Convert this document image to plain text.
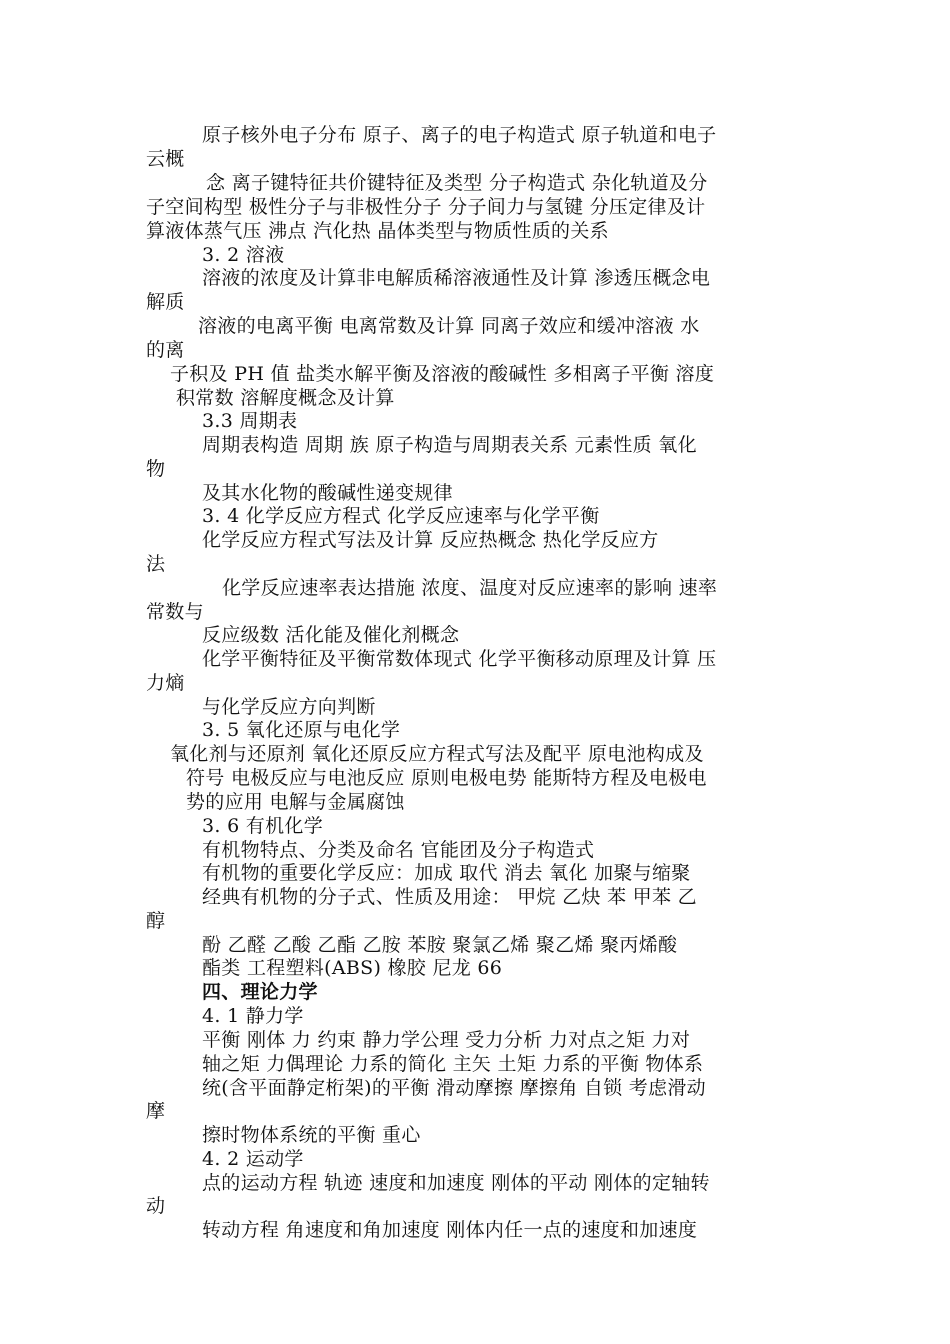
原子核外电子分布 原子、离子的电子构造式 原子轨道和电子
云概
念 离子键特征共价键特征及类型 分子构造式 杂化轨道及分
子空间构型 极性分子与非极性分子 分子间力与氢键 分压定律及计
算液体蒸气压 沸点 汽化热 晶体类型与物质性质的关系
3. 2 溶液
溶液的浓度及计算非电解质稀溶液通性及计算 渗透压概念电
解质
溶液的电离平衡 电离常数及计算 同离子效应和缓冲溶液 水
的离
子积及 PH 值 盐类水解平衡及溶液的酸碱性 多相离子平衡 溶度
积常数 溶解度概念及计算
3.3 周期表
周期表构造 周期 族 原子构造与周期表关系 元素性质 氧化
物
及其水化物的酸碱性递变规律
3. 4 化学反应方程式 化学反应速率与化学平衡
化学反应方程式写法及计算 反应热概念 热化学反应方
法
化学反应速率表达措施 浓度、温度对反应速率的影响 速率
常数与
反应级数 活化能及催化剂概念
化学平衡特征及平衡常数体现式 化学平衡移动原理及计算 压
力熵
与化学反应方向判断
3. 5 氧化还原与电化学
氧化剂与还原剂 氧化还原反应方程式写法及配平 原电池构成及
符号 电极反应与电池反应 原则电极电势 能斯特方程及电极电
势的应用 电解与金属腐蚀
3. 6 有机化学
有机物特点、分类及命名 官能团及分子构造式
有机物的重要化学反应：加成 取代 消去 氧化 加聚与缩聚
经典有机物的分子式、性质及用途： 甲烷 乙炔 苯 甲苯 乙
醇
酚 乙醛 乙酸 乙酯 乙胺 苯胺 聚氯乙烯 聚乙烯 聚丙烯酸
酯类 工程塑料(ABS) 橡胶 尼龙 66
四、理论力学
4. 1 静力学
平衡 刚体 力 约束 静力学公理 受力分析 力对点之矩 力对
轴之矩 力偶理论 力系的简化 主矢 土矩 力系的平衡 物体系
统(含平面静定桁架)的平衡 滑动摩擦 摩擦角 自锁 考虑滑动
摩
擦时物体系统的平衡 重心
4. 2 运动学
点的运动方程 轨迹 速度和加速度 刚体的平动 刚体的定轴转
动
转动方程 角速度和角加速度 刚体内任一点的速度和加速度
